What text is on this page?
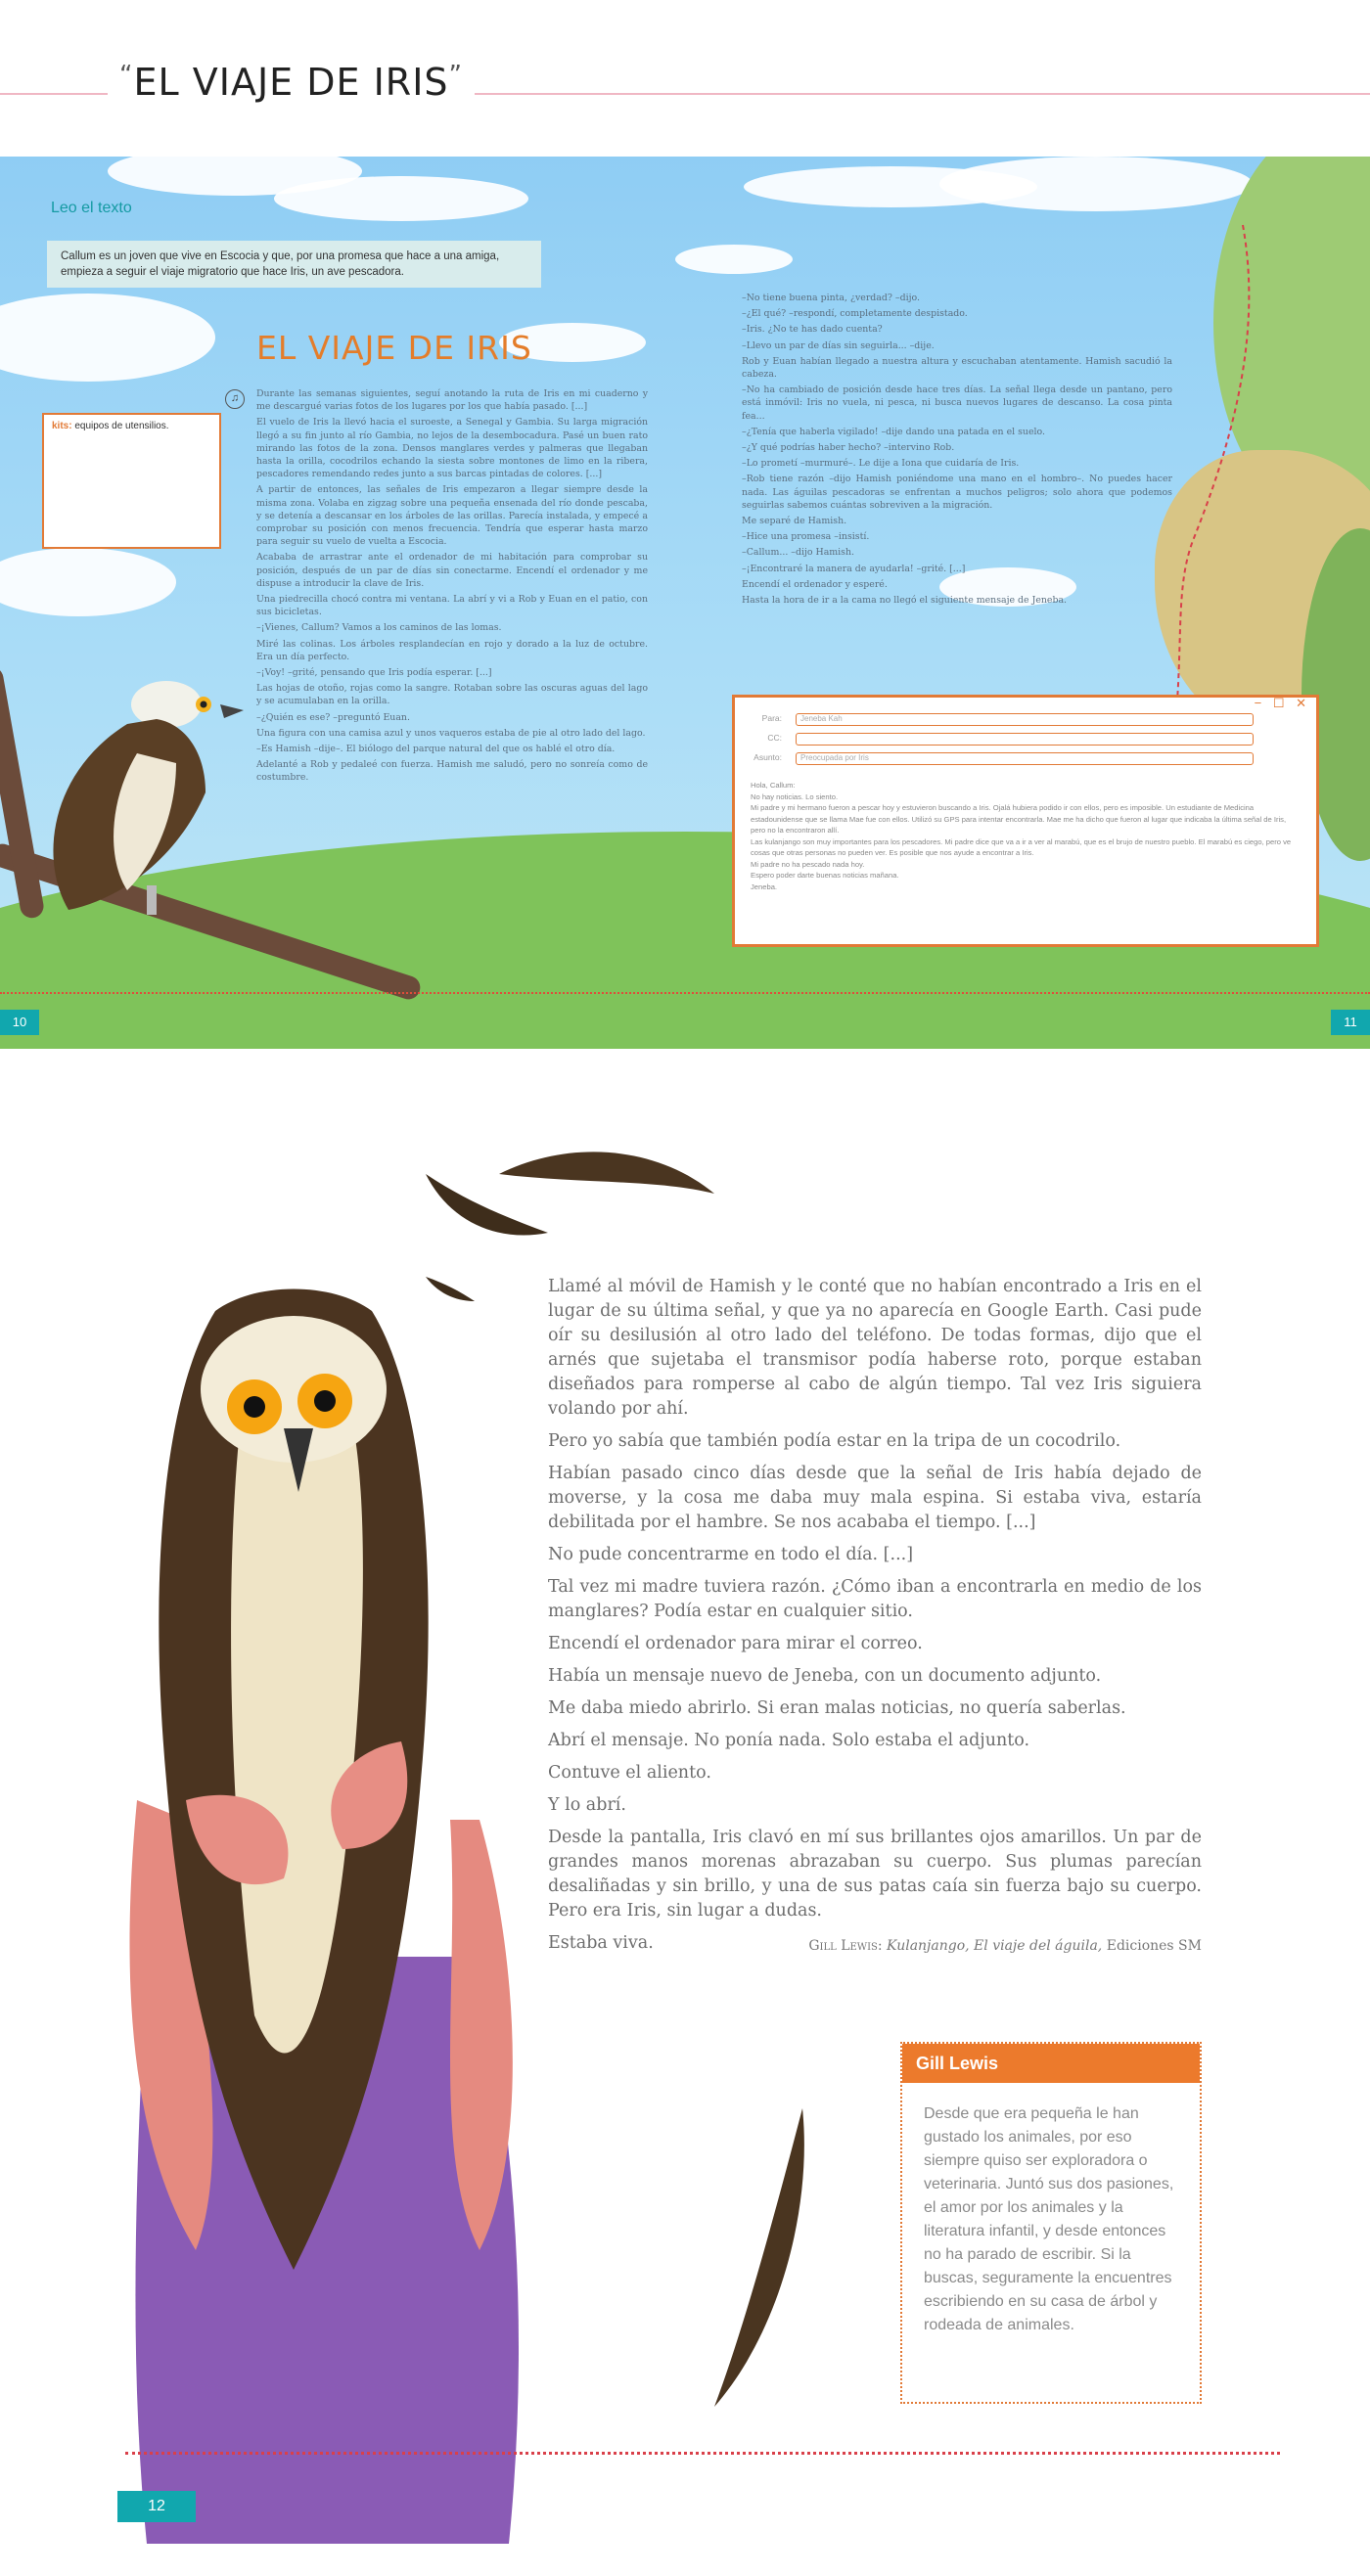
“EL VIAJE DE IRIS”
Leo el texto
Callum es un joven que vive en Escocia y que, por una promesa que hace a una amiga, empieza a seguir el viaje migratorio que hace Iris, un ave pescadora.
EL VIAJE DE IRIS
♫
kits: equipos de utensilios.

Durante las semanas siguientes, seguí anotando la ruta de Iris en mi cuaderno y me descargué varias fotos de los lugares por los que había pasado. [...]

El vuelo de Iris la llevó hacia el suroeste, a Senegal y Gambia. Su larga migración llegó a su fin junto al río Gambia, no lejos de la desembocadura. Pasé un buen rato mirando las fotos de la zona. Densos manglares verdes y palmeras que llegaban hasta la orilla, cocodrilos echando la siesta sobre montones de limo en la ribera, pescadores remendando redes junto a sus barcas pintadas de colores. [...]

A partir de entonces, las señales de Iris empezaron a llegar siempre desde la misma zona. Volaba en zigzag sobre una pequeña ensenada del río donde pescaba, y se detenía a descansar en los árboles de las orillas. Parecía instalada, y empecé a comprobar su posición con menos frecuencia. Tendría que esperar hasta marzo para seguir su vuelo de vuelta a Escocia.

Acababa de arrastrar ante el ordenador de mi habitación para comprobar su posición, después de un par de días sin conectarme. Encendí el ordenador y me dispuse a introducir la clave de Iris.

Una piedrecilla chocó contra mi ventana. La abrí y vi a Rob y Euan en el patio, con sus bicicletas.

–¡Vienes, Callum? Vamos a los caminos de las lomas.

Miré las colinas. Los árboles resplandecían en rojo y dorado a la luz de octubre. Era un día perfecto.

–¡Voy! –grité, pensando que Iris podía esperar. [...]

Las hojas de otoño, rojas como la sangre. Rotaban sobre las oscuras aguas del lago y se acumulaban en la orilla.

–¿Quién es ese? –preguntó Euan.

Una figura con una camisa azul y unos vaqueros estaba de pie al otro lado del lago.

–Es Hamish –dije–. El biólogo del parque natural del que os hablé el otro día.

Adelanté a Rob y pedaleé con fuerza. Hamish me saludó, pero no sonreía como de costumbre.

–No tiene buena pinta, ¿verdad? –dijo.

–¿El qué? –respondí, completamente despistado.

–Iris. ¿No te has dado cuenta?

–Llevo un par de días sin seguirla... –dije.

Rob y Euan habían llegado a nuestra altura y escuchaban atentamente. Hamish sacudió la cabeza.

–No ha cambiado de posición desde hace tres días. La señal llega desde un pantano, pero está inmóvil: Iris no vuela, ni pesca, ni busca nuevos lugares de descanso. La cosa pinta fea...

–¿Tenía que haberla vigilado! –dije dando una patada en el suelo.

–¿Y qué podrías haber hecho? –intervino Rob.

–Lo prometí –murmuré–. Le dije a Iona que cuidaría de Iris.

–Rob tiene razón –dijo Hamish poniéndome una mano en el hombro–. No puedes hacer nada. Las águilas pescadoras se enfrentan a muchos peligros; solo ahora que podemos seguirlas sabemos cuántas sobreviven a la migración.

Me separé de Hamish.

–Hice una promesa –insistí.

–Callum... –dijo Hamish.

–¡Encontraré la manera de ayudarla! –grité. [...]

Encendí el ordenador y esperé.

Hasta la hora de ir a la cama no llegó el siguiente mensaje de Jeneba.

− ☐ ✕
Para:	Jeneba Kah
CC:
Asunto:	Preocupada por Iris
Hola, Callum:
No hay noticias. Lo siento.
Mi padre y mi hermano fueron a pescar hoy y estuvieron buscando a Iris. Ojalá hubiera podido ir con ellos, pero es imposible. Un estudiante de Medicina estadounidense que se llama Mae fue con ellos. Utilizó su GPS para intentar encontrarla. Mae me ha dicho que fueron al lugar que indicaba la última señal de Iris, pero no la encontraron allí.
Las kulanjango son muy importantes para los pescadores. Mi padre dice que va a ir a ver al marabú, que es el brujo de nuestro pueblo. El marabú es ciego, pero ve cosas que otras personas no pueden ver. Es posible que nos ayude a encontrar a Iris.
Mi padre no ha pescado nada hoy.
Espero poder darte buenas noticias mañana.
Jeneba.
10	11

Llamé al móvil de Hamish y le conté que no habían encontrado a Iris en el lugar de su última señal, y que ya no aparecía en Google Earth. Casi pude oír su desilusión al otro lado del teléfono. De todas formas, dijo que el arnés que sujetaba el transmisor podía haberse roto, porque estaban diseñados para romperse al cabo de algún tiempo. Tal vez Iris siguiera volando por ahí.

Pero yo sabía que también podía estar en la tripa de un cocodrilo.

Habían pasado cinco días desde que la señal de Iris había dejado de moverse, y la cosa me daba muy mala espina. Si estaba viva, estaría debilitada por el hambre. Se nos acababa el tiempo. [...]

No pude concentrarme en todo el día. [...]

Tal vez mi madre tuviera razón. ¿Cómo iban a encontrarla en medio de los manglares? Podía estar en cualquier sitio.

Encendí el ordenador para mirar el correo.

Había un mensaje nuevo de Jeneba, con un documento adjunto.

Me daba miedo abrirlo. Si eran malas noticias, no quería saberlas.

Abrí el mensaje. No ponía nada. Solo estaba el adjunto.

Contuve el aliento.

Y lo abrí.

Desde la pantalla, Iris clavó en mí sus brillantes ojos amarillos. Un par de grandes manos morenas abrazaban su cuerpo. Sus plumas parecían desaliñadas y sin brillo, y una de sus patas caía sin fuerza bajo su cuerpo. Pero era Iris, sin lugar a dudas.

Estaba viva.	Gill Lewis: Kulanjango, El viaje del águila, Ediciones SM
Gill Lewis
Desde que era pequeña le han gustado los animales, por eso siempre quiso ser exploradora o veterinaria. Juntó sus dos pasiones, el amor por los animales y la literatura infantil, y desde entonces no ha parado de escribir. Si la buscas, seguramente la encuentres escribiendo en su casa de árbol y rodeada de animales.
12
